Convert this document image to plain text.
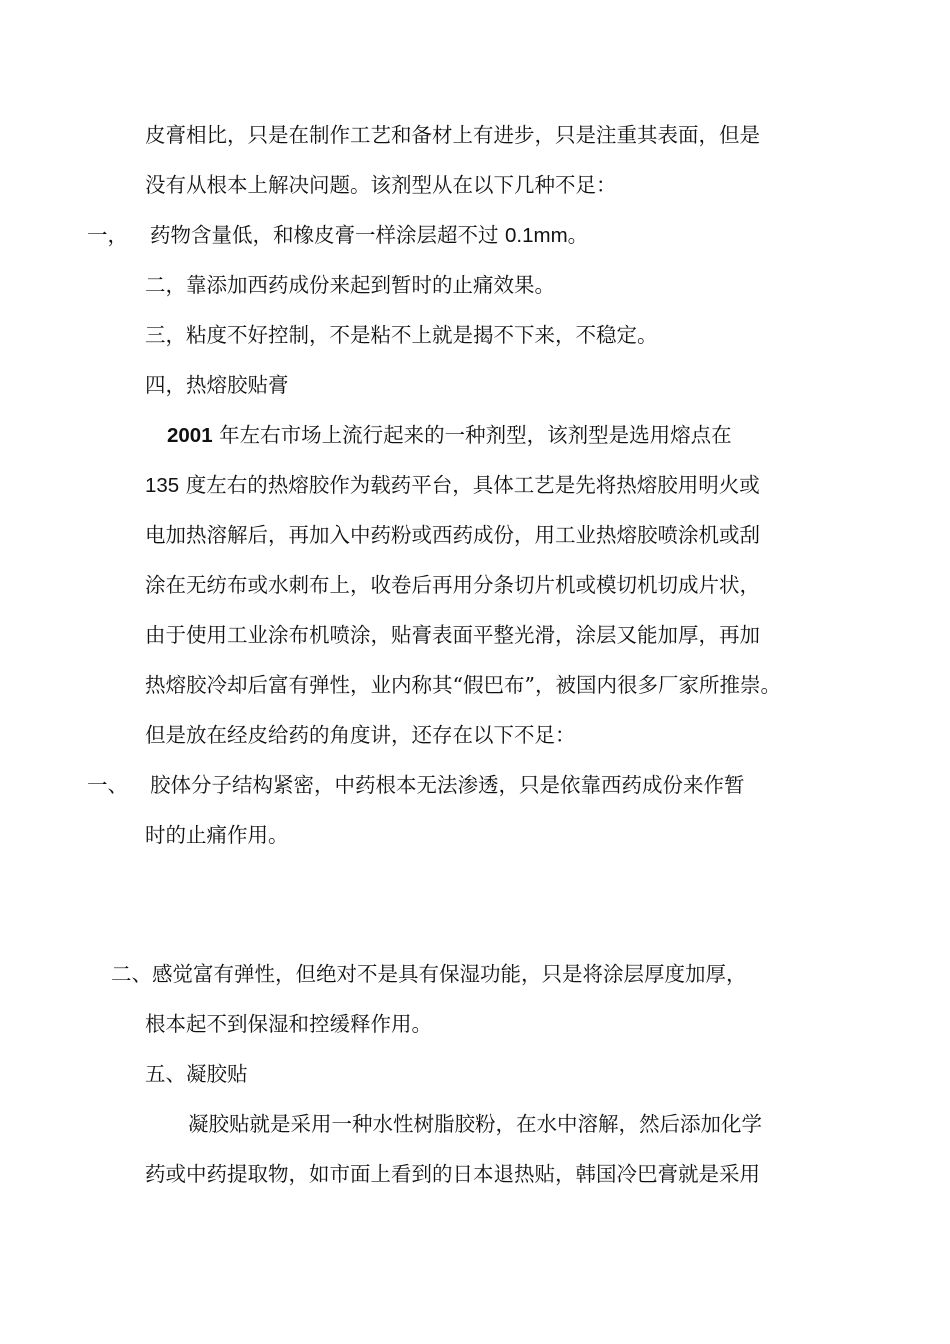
皮膏相比，只是在制作工艺和备材上有进步，只是注重其表面，但是
没有从根本上解决问题。该剂型从在以下几种不足：
一， 药物含量低，和橡皮膏一样涂层超不过 0.1mm。
二，靠添加西药成份来起到暂时的止痛效果。
三，粘度不好控制，不是粘不上就是揭不下来，不稳定。
四，热熔胶贴膏
2001 年左右市场上流行起来的一种剂型，该剂型是选用熔点在
135 度左右的热熔胶作为载药平台，具体工艺是先将热熔胶用明火或
电加热溶解后，再加入中药粉或西药成份，用工业热熔胶喷涂机或刮
涂在无纺布或水刺布上，收卷后再用分条切片机或模切机切成片状，
由于使用工业涂布机喷涂，贴膏表面平整光滑，涂层又能加厚，再加
热熔胶冷却后富有弹性，业内称其“假巴布”，被国内很多厂家所推崇。
但是放在经皮给药的角度讲，还存在以下不足：
一、 胶体分子结构紧密，中药根本无法渗透，只是依靠西药成份来作暂
时的止痛作用。
二、感觉富有弹性，但绝对不是具有保湿功能，只是将涂层厚度加厚，
根本起不到保湿和控缓释作用。
五、凝胶贴
凝胶贴就是采用一种水性树脂胶粉，在水中溶解，然后添加化学
药或中药提取物，如市面上看到的日本退热贴，韩国冷巴膏就是采用
